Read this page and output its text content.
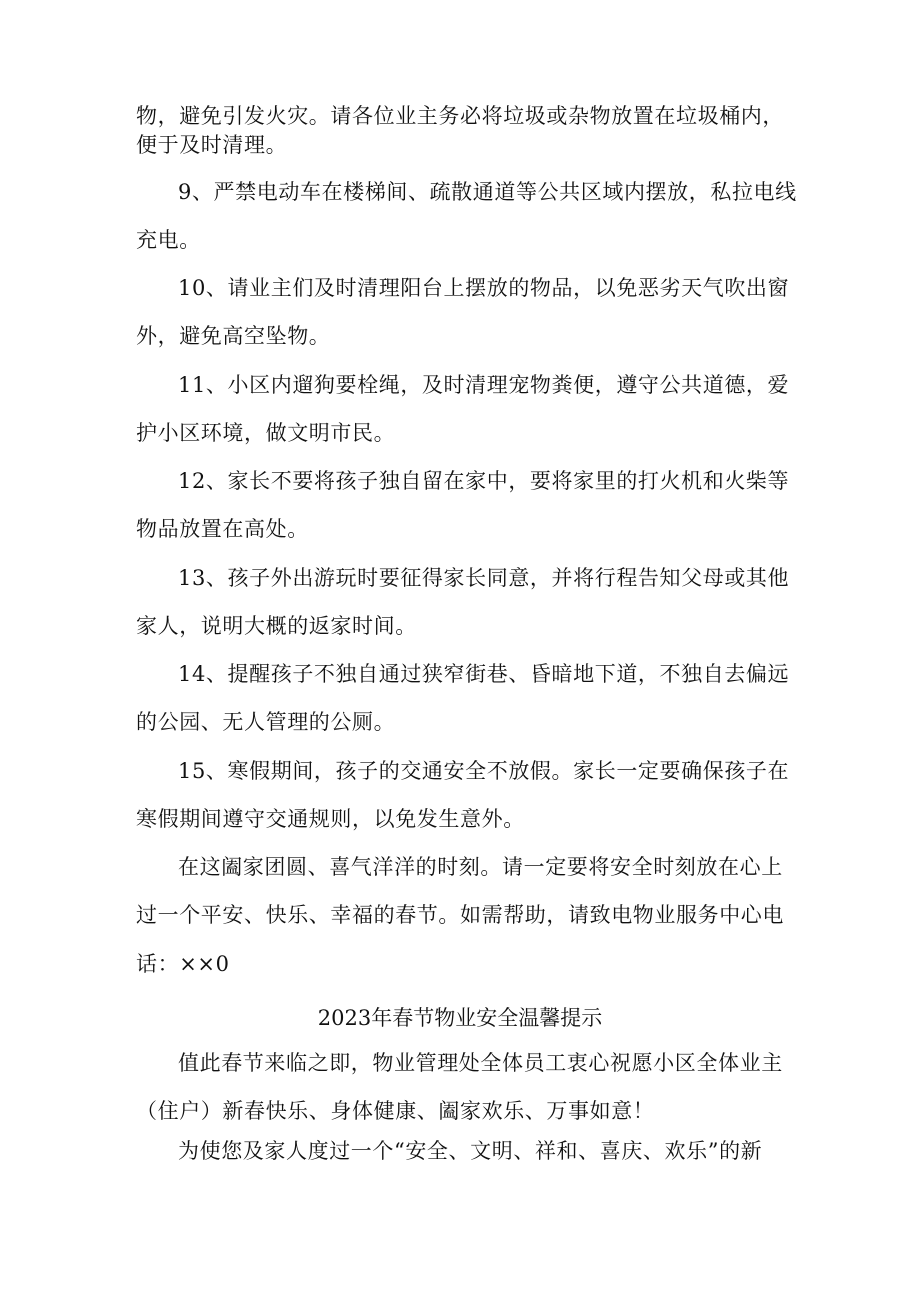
物，避免引发火灾。请各位业主务必将垃圾或杂物放置在垃圾桶内，
便于及时清理。
9、严禁电动车在楼梯间、疏散通道等公共区域内摆放，私拉电线
充电。
10、请业主们及时清理阳台上摆放的物品，以免恶劣天气吹出窗
外，避免高空坠物。
11、小区内遛狗要栓绳，及时清理宠物粪便，遵守公共道德，爱
护小区环境，做文明市民。
12、家长不要将孩子独自留在家中，要将家里的打火机和火柴等
物品放置在高处。
13、孩子外出游玩时要征得家长同意，并将行程告知父母或其他
家人，说明大概的返家时间。
14、提醒孩子不独自通过狭窄街巷、昏暗地下道，不独自去偏远
的公园、无人管理的公厕。
15、寒假期间，孩子的交通安全不放假。家长一定要确保孩子在
寒假期间遵守交通规则，以免发生意外。
在这阖家团圆、喜气洋洋的时刻。请一定要将安全时刻放在心上
过一个平安、快乐、幸福的春节。如需帮助，请致电物业服务中心电
话：××0
2023年春节物业安全温馨提示
值此春节来临之即，物业管理处全体员工衷心祝愿小区全体业主
（住户）新春快乐、身体健康、阖家欢乐、万事如意！
为使您及家人度过一个“安全、文明、祥和、喜庆、欢乐”的新
